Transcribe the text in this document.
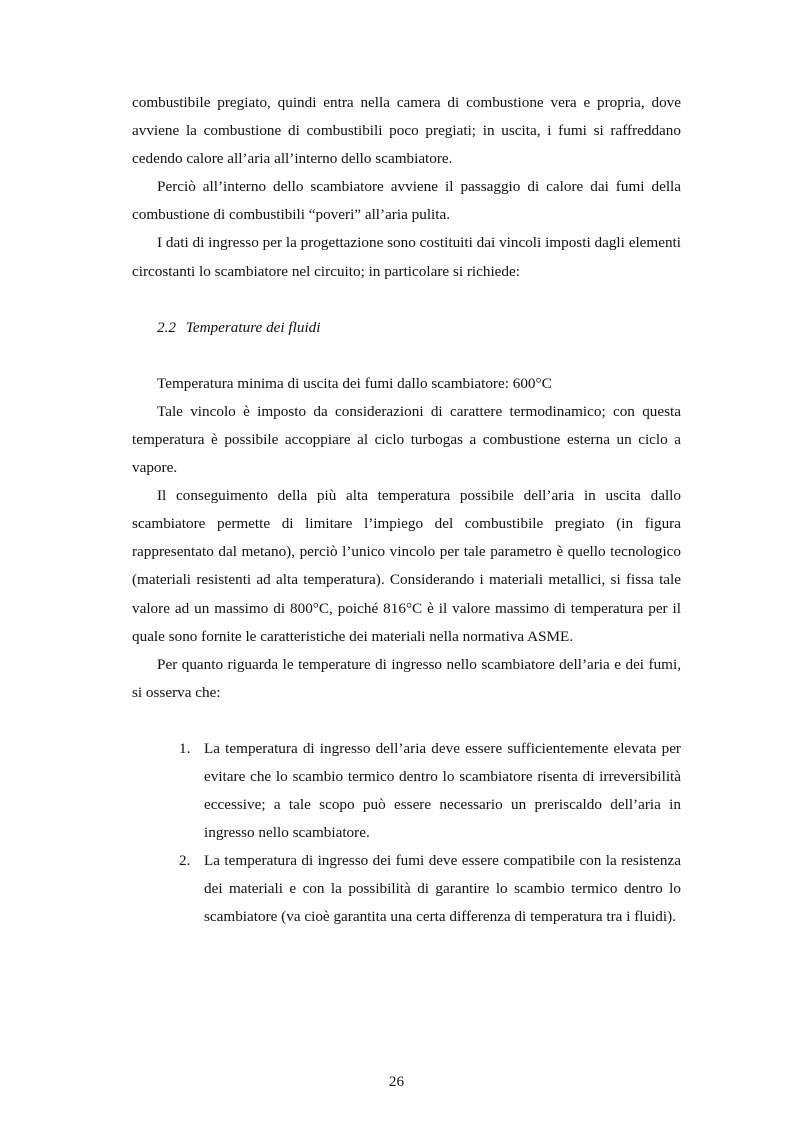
combustibile pregiato, quindi entra nella camera di combustione vera e propria, dove avviene la combustione di combustibili poco pregiati; in uscita, i fumi si raffreddano cedendo calore all’aria all’interno dello scambiatore.

Perciò all’interno dello scambiatore avviene il passaggio di calore dai fumi della combustione di combustibili “poveri” all’aria pulita.

I dati di ingresso per la progettazione sono costituiti dai vincoli imposti dagli elementi circostanti lo scambiatore nel circuito; in particolare si richiede:

2.2 Temperature dei fluidi

Temperatura minima di uscita dei fumi dallo scambiatore: 600°C

Tale vincolo è imposto da considerazioni di carattere termodinamico; con questa temperatura è possibile accoppiare al ciclo turbogas a combustione esterna un ciclo a vapore.

Il conseguimento della più alta temperatura possibile dell’aria in uscita dallo scambiatore permette di limitare l’impiego del combustibile pregiato (in figura rappresentato dal metano), perciò l’unico vincolo per tale parametro è quello tecnologico (materiali resistenti ad alta temperatura). Considerando i materiali metallici, si fissa tale valore ad un massimo di 800°C, poiché 816°C è il valore massimo di temperatura per il quale sono fornite le caratteristiche dei materiali nella normativa ASME.

Per quanto riguarda le temperature di ingresso nello scambiatore dell’aria e dei fumi, si osserva che:

1. La temperatura di ingresso dell’aria deve essere sufficientemente elevata per evitare che lo scambio termico dentro lo scambiatore risenta di irreversibilità eccessive; a tale scopo può essere necessario un preriscaldo dell’aria in ingresso nello scambiatore.
2. La temperatura di ingresso dei fumi deve essere compatibile con la resistenza dei materiali e con la possibilità di garantire lo scambio termico dentro lo scambiatore (va cioè garantita una certa differenza di temperatura tra i fluidi).
26
